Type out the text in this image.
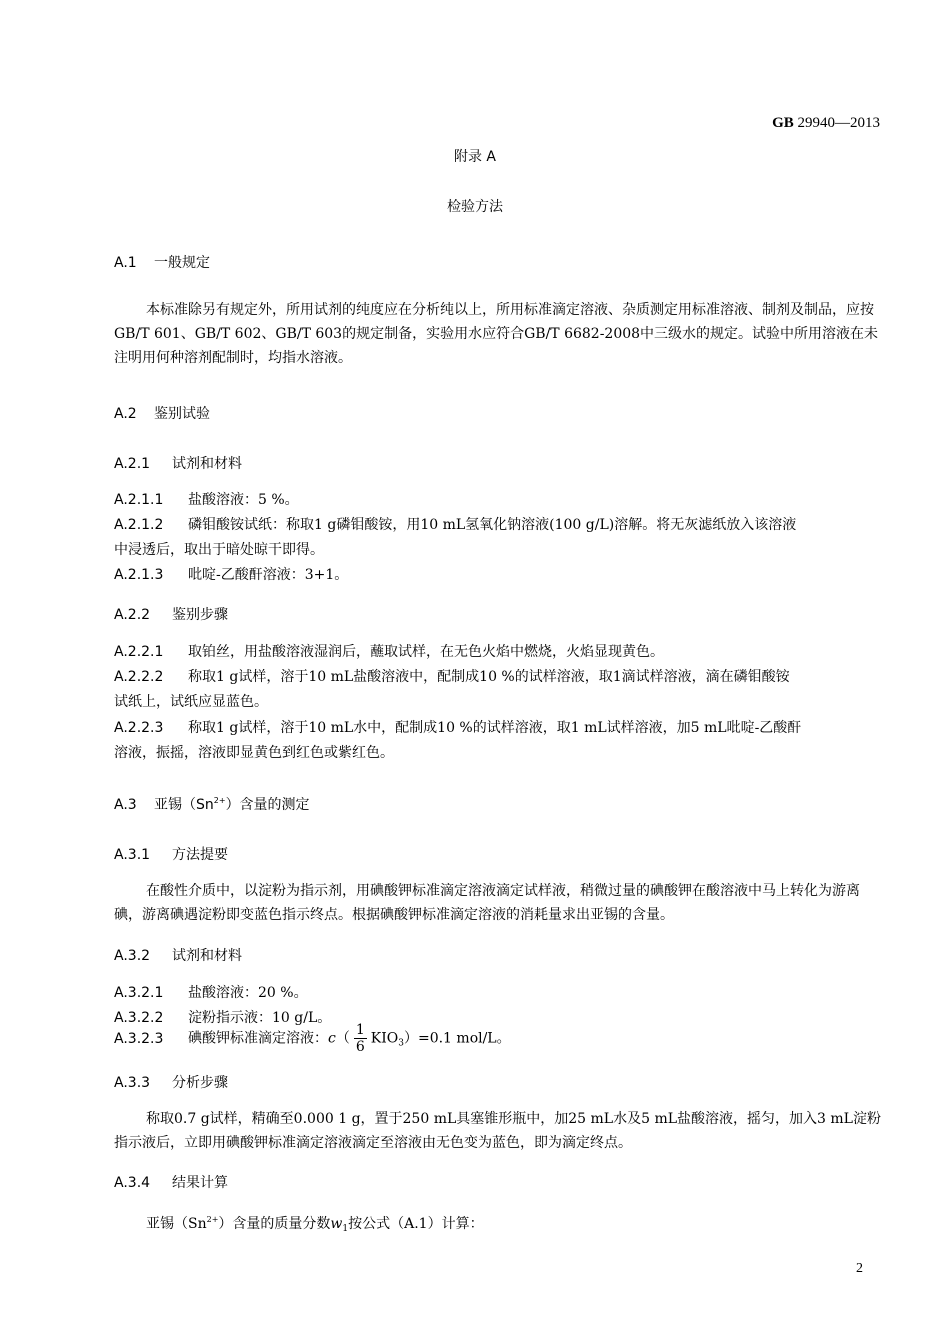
GB 29940—2013
附录 A
检验方法
A.1 一般规定
本标准除另有规定外，所用试剂的纯度应在分析纯以上，所用标准滴定溶液、杂质测定用标准溶液、制剂及制品，应按GB/T 601、GB/T 602、GB/T 603的规定制备，实验用水应符合GB/T 6682-2008中三级水的规定。试验中所用溶液在未注明用何种溶剂配制时，均指水溶液。
A.2 鉴别试验
A.2.1 试剂和材料
A.2.1.1 盐酸溶液：5 %。
A.2.1.2 磷钼酸铵试纸：称取1 g磷钼酸铵，用10 mL氢氧化钠溶液(100 g/L)溶解。将无灰滤纸放入该溶液
中浸透后，取出于暗处晾干即得。
A.2.1.3 吡啶-乙酸酐溶液：3+1。
A.2.2 鉴别步骤
A.2.2.1 取铂丝，用盐酸溶液湿润后，蘸取试样，在无色火焰中燃烧，火焰显现黄色。
A.2.2.2 称取1 g试样，溶于10 mL盐酸溶液中，配制成10 %的试样溶液，取1滴试样溶液，滴在磷钼酸铵
试纸上，试纸应显蓝色。
A.2.2.3 称取1 g试样，溶于10 mL水中，配制成10 %的试样溶液，取1 mL试样溶液，加5 mL吡啶-乙酸酐
溶液，振摇，溶液即显黄色到红色或紫红色。
A.3 亚锡$(Sn^{2+})$含量的测定
A.3.1 方法提要
在酸性介质中，以淀粉为指示剂，用碘酸钾标准滴定溶液滴定试样液，稍微过量的碘酸钾在酸溶液中马上转化为游离碘，游离碘遇淀粉即变蓝色指示终点。根据碘酸钾标准滴定溶液的消耗量求出亚锡的含量。
A.3.2 试剂和材料
A.3.2.1 盐酸溶液：20 %。
A.3.2.2 淀粉指示液：10 g/L。
A.3.2.3 碘酸钾标准滴定溶液：$c( \frac{1}{6} KIO_3)=0.1$ mol/L。
A.3.3 分析步骤
称取0.7 g试样，精确至0.000 1 g，置于250 mL具塞锥形瓶中，加25 mL水及5 mL盐酸溶液，摇匀，加入3 mL淀粉指示液后，立即用碘酸钾标准滴定溶液滴定至溶液由无色变为蓝色，即为滴定终点。
A.3.4 结果计算
亚锡$(Sn^{2+})$含量的质量分数$w_1$按公式（A.1）计算：
2
